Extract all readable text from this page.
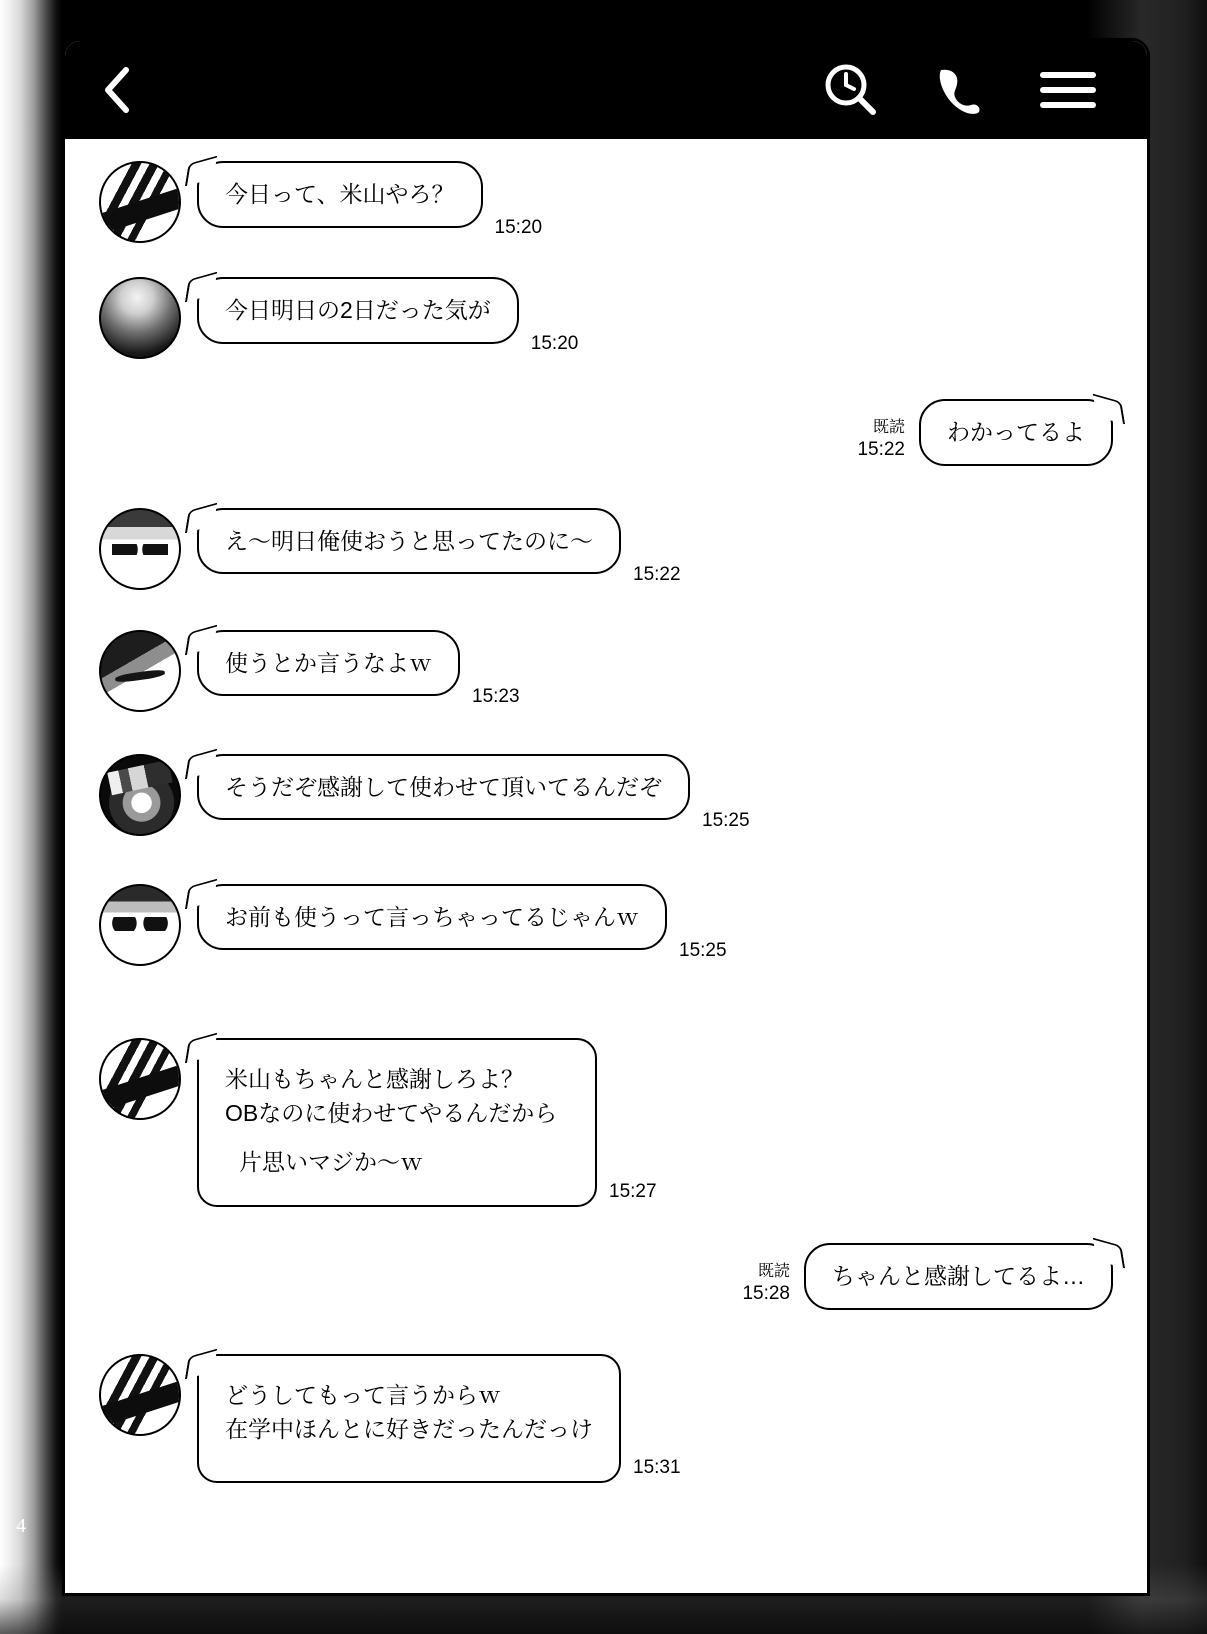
4
今日って、米山やろ？
15:20
今日明日の2日だった気が
15:20
既読
15:22
わかってるよ
え〜明日俺使おうと思ってたのに〜
15:22
使うとか言うなよｗ
15:23
そうだぞ感謝して使わせて頂いてるんだぞ
15:25
お前も使うって言っちゃってるじゃんｗ
15:25
米山もちゃんと感謝しろよ？
OBなのに使わせてやるんだから
片思いマジか〜ｗ
15:27
既読
15:28
ちゃんと感謝してるよ…
どうしてもって言うからｗ
在学中ほんとに好きだったんだっけ
15:31
